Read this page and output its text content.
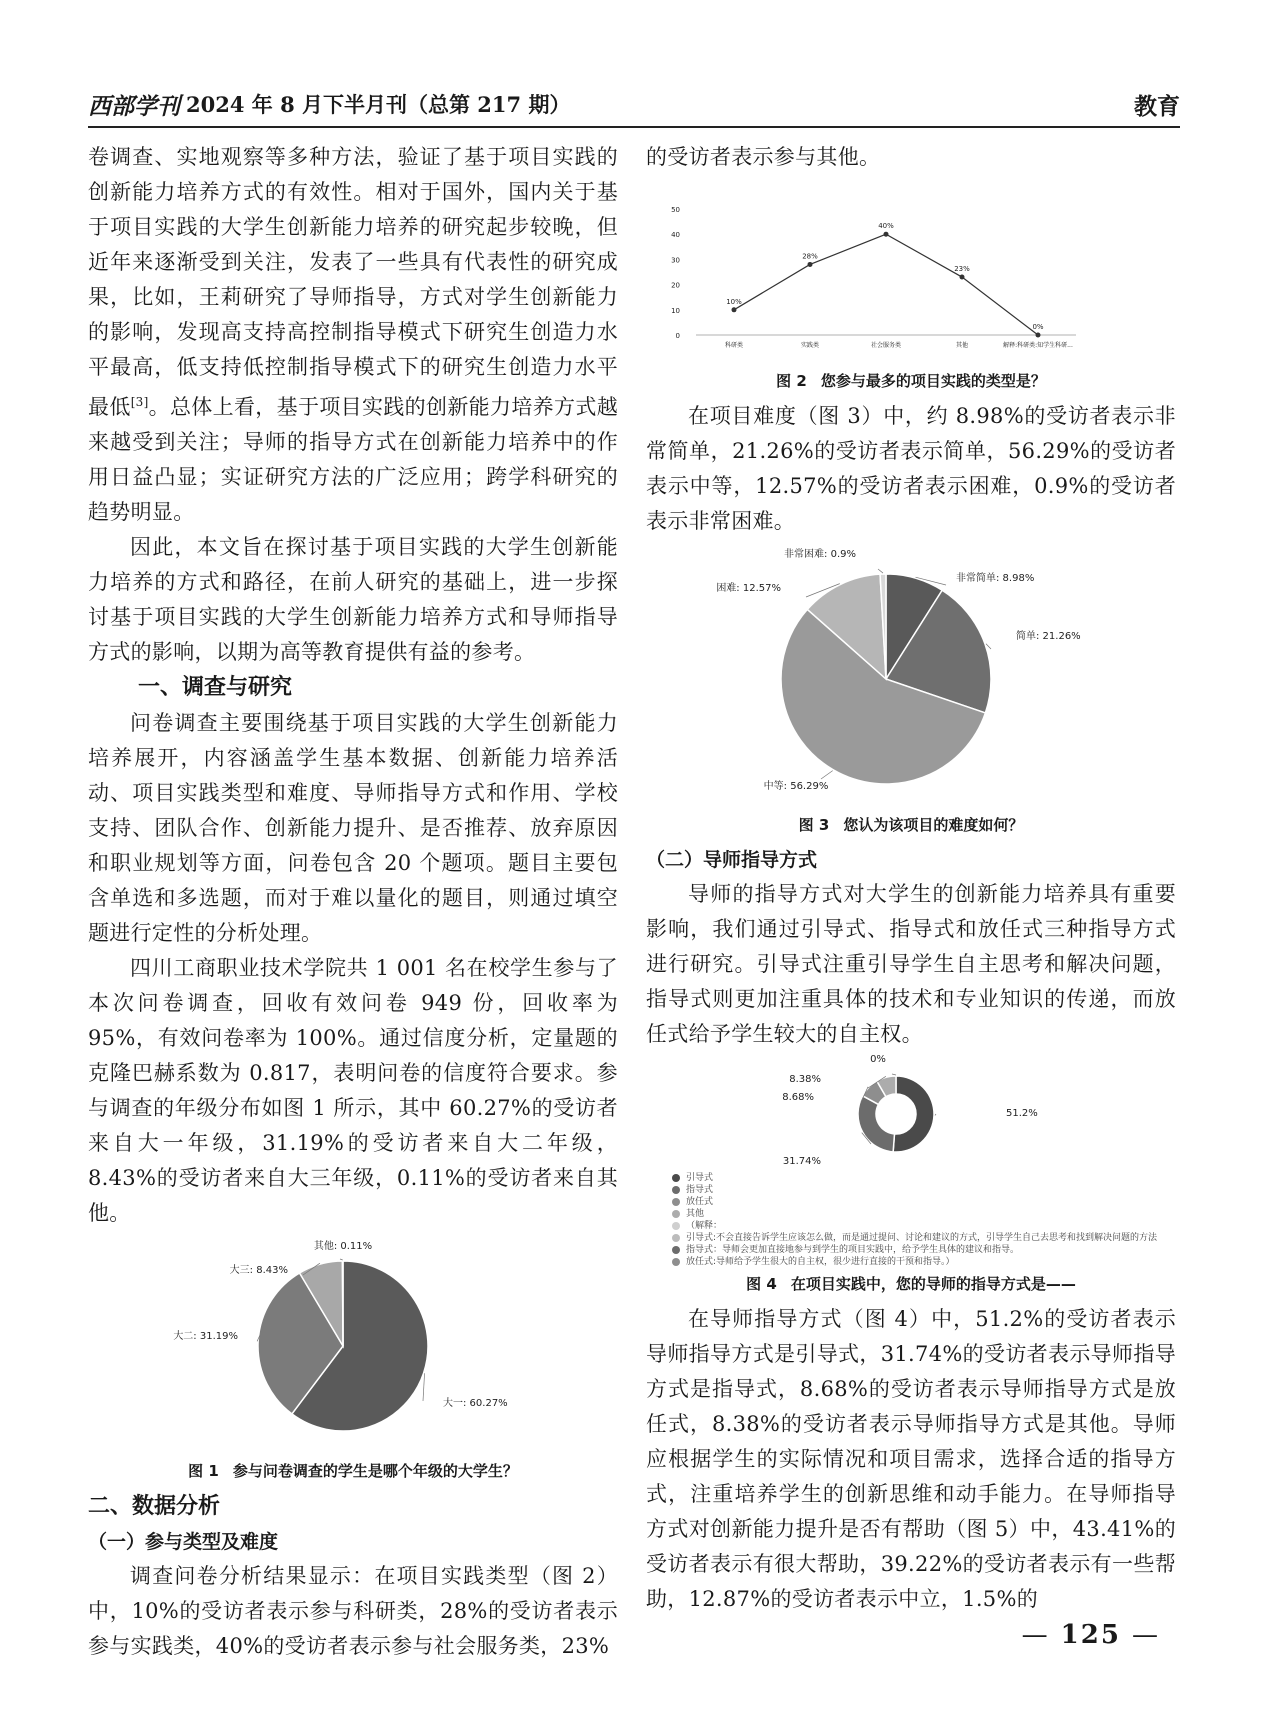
西部学刊 2024 年 8 月下半月刊（总第 217 期）	教育

卷调查、实地观察等多种方法，验证了基于项目实践的创新能力培养方式的有效性。相对于国外，国内关于基于项目实践的大学生创新能力培养的研究起步较晚，但近年来逐渐受到关注，发表了一些具有代表性的研究成果，比如，王莉研究了导师指导，方式对学生创新能力的影响，发现高支持高控制指导模式下研究生创造力水平最高，低支持低控制指导模式下的研究生创造力水平最低[3]。总体上看，基于项目实践的创新能力培养方式越来越受到关注；导师的指导方式在创新能力培养中的作用日益凸显；实证研究方法的广泛应用；跨学科研究的趋势明显。

因此，本文旨在探讨基于项目实践的大学生创新能力培养的方式和路径，在前人研究的基础上，进一步探讨基于项目实践的大学生创新能力培养方式和导师指导方式的影响，以期为高等教育提供有益的参考。

一、调查与研究

问卷调查主要围绕基于项目实践的大学生创新能力培养展开，内容涵盖学生基本数据、创新能力培养活动、项目实践类型和难度、导师指导方式和作用、学校支持、团队合作、创新能力提升、是否推荐、放弃原因和职业规划等方面，问卷包含 20 个题项。题目主要包含单选和多选题，而对于难以量化的题目，则通过填空题进行定性的分析处理。

四川工商职业技术学院共 1 001 名在校学生参与了本次问卷调查，回收有效问卷 949 份，回收率为 95%，有效问卷率为 100%。通过信度分析，定量题的克隆巴赫系数为 0.817，表明问卷的信度符合要求。参与调查的年级分布如图 1 所示，其中 60.27%的受访者来自大一年级，31.19%的受访者来自大二年级，8.43%的受访者来自大三年级，0.11%的受访者来自其他。

大一: 60.27%
大二: 31.19%
大三: 8.43%
其他: 0.11%
图 1 参与问卷调查的学生是哪个年级的大学生？

二、数据分析

（一）参与类型及难度

调查问卷分析结果显示：在项目实践类型（图 2）中，10%的受访者表示参与科研类，28%的受访者表示参与实践类，40%的受访者表示参与社会服务类，23%

的受访者表示参与其他。

0
10
20
30
40
50
10%
科研类
28%
实践类
40%
社会服务类
23%
其他
0%
解释:科研类:知学生科研...
图 2 您参与最多的项目实践的类型是？

在项目难度（图 3）中，约 8.98%的受访者表示非常简单，21.26%的受访者表示简单，56.29%的受访者表示中等，12.57%的受访者表示困难，0.9%的受访者表示非常困难。

非常简单: 8.98%
简单: 21.26%
中等: 56.29%
困难: 12.57%
非常困难: 0.9%
图 3 您认为该项目的难度如何？

（二）导师指导方式

导师的指导方式对大学生的创新能力培养具有重要影响，我们通过引导式、指导式和放任式三种指导方式进行研究。引导式注重引导学生自主思考和解决问题，指导式则更加注重具体的技术和专业知识的传递，而放任式给予学生较大的自主权。

51.2%
31.74%
8.68%
8.38%
0%
引导式
指导式
放任式
其他
（解释：
引导式:不会直接告诉学生应该怎么做，而是通过提问、讨论和建议的方式，引导学生自己去思考和找到解决问题的方法
指导式：导师会更加直接地参与到学生的项目实践中，给予学生具体的建议和指导。
放任式:导师给予学生很大的自主权，很少进行直接的干预和指导。）
图 4 在项目实践中，您的导师的指导方式是——

在导师指导方式（图 4）中，51.2%的受访者表示导师指导方式是引导式，31.74%的受访者表示导师指导方式是指导式，8.68%的受访者表示导师指导方式是放任式，8.38%的受访者表示导师指导方式是其他。导师应根据学生的实际情况和项目需求，选择合适的指导方式，注重培养学生的创新思维和动手能力。在导师指导方式对创新能力提升是否有帮助（图 5）中，43.41%的受访者表示有很大帮助，39.22%的受访者表示有一些帮助，12.87%的受访者表示中立，1.5%的

— 125 —
